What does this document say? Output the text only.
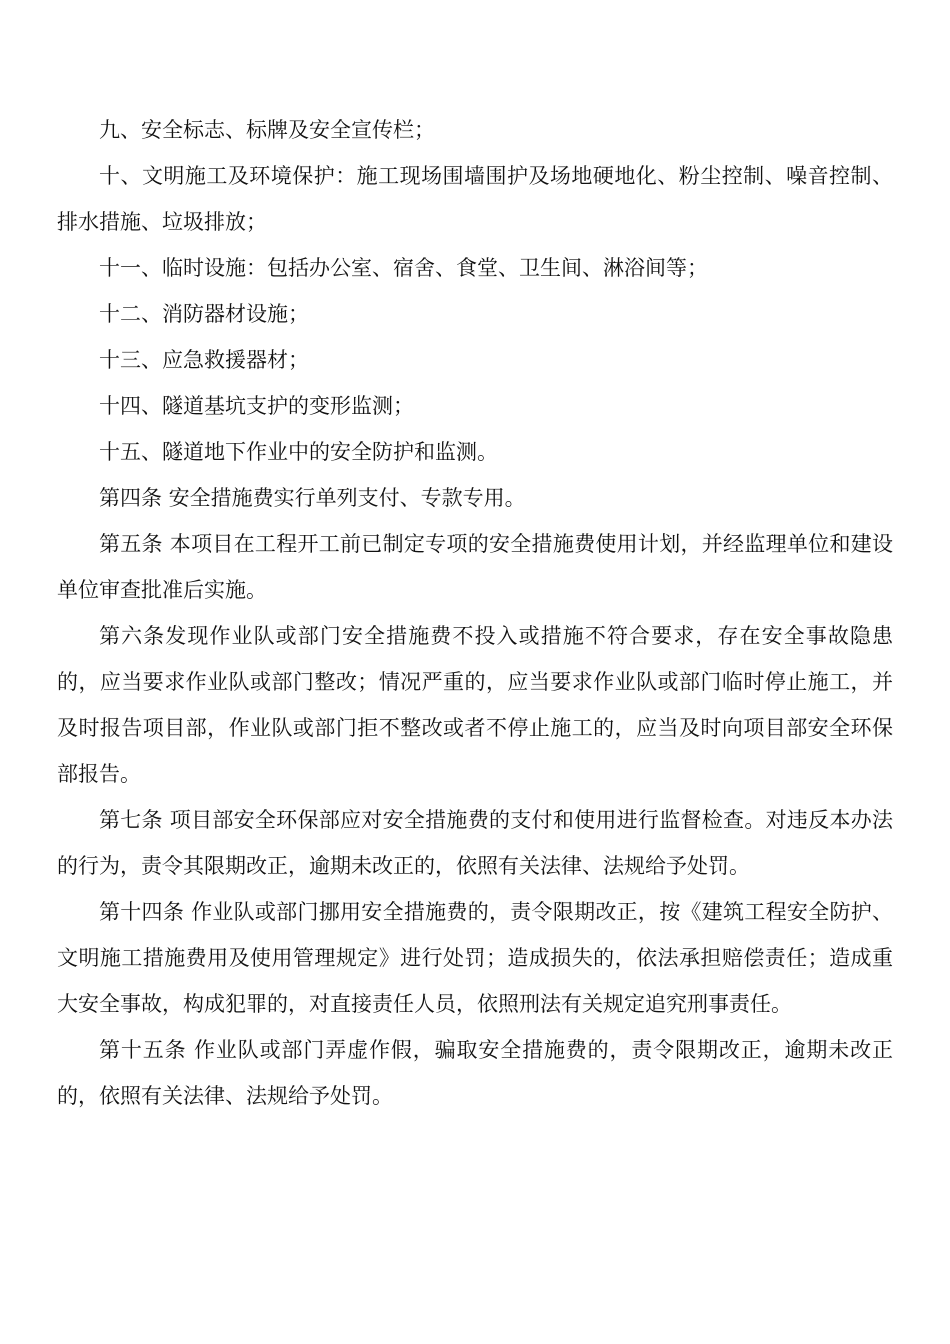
九、安全标志、标牌及安全宣传栏；

十、文明施工及环境保护：施工现场围墙围护及场地硬地化、粉尘控制、噪音控制、排水措施、垃圾排放；

十一、临时设施：包括办公室、宿舍、食堂、卫生间、淋浴间等；

十二、消防器材设施；

十三、应急救援器材；

十四、隧道基坑支护的变形监测；

十五、隧道地下作业中的安全防护和监测。

第四条 安全措施费实行单列支付、专款专用。

第五条 本项目在工程开工前已制定专项的安全措施费使用计划，并经监理单位和建设单位审查批准后实施。

第六条发现作业队或部门安全措施费不投入或措施不符合要求，存在安全事故隐患的，应当要求作业队或部门整改；情况严重的，应当要求作业队或部门临时停止施工，并及时报告项目部，作业队或部门拒不整改或者不停止施工的，应当及时向项目部安全环保部报告。

第七条 项目部安全环保部应对安全措施费的支付和使用进行监督检查。对违反本办法的行为，责令其限期改正，逾期未改正的，依照有关法律、法规给予处罚。

第十四条 作业队或部门挪用安全措施费的，责令限期改正，按《建筑工程安全防护、文明施工措施费用及使用管理规定》进行处罚；造成损失的，依法承担赔偿责任；造成重大安全事故，构成犯罪的，对直接责任人员，依照刑法有关规定追究刑事责任。

第十五条 作业队或部门弄虚作假，骗取安全措施费的，责令限期改正，逾期未改正的，依照有关法律、法规给予处罚。
